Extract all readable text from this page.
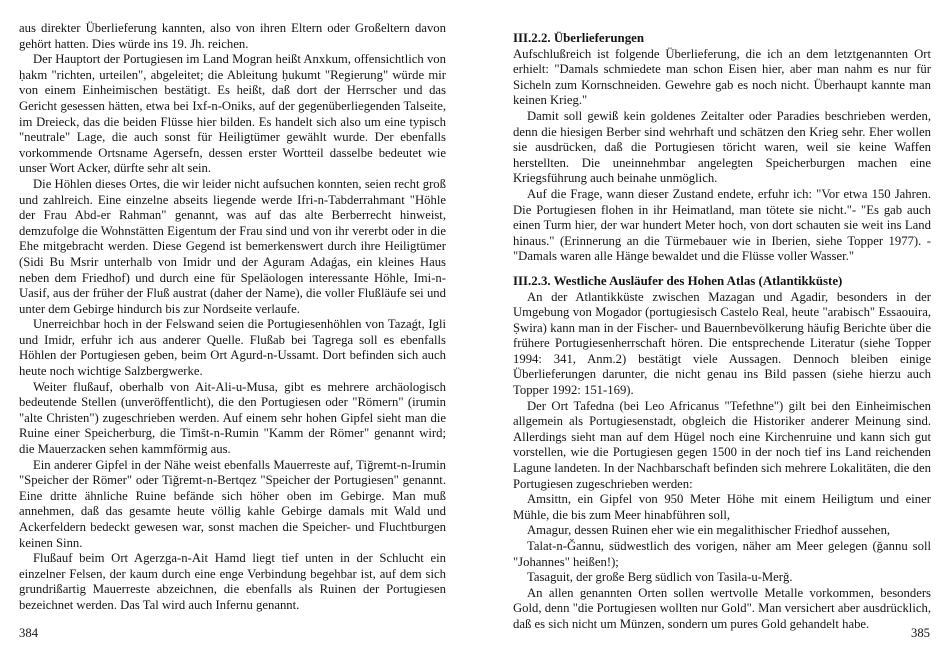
aus direkter Überlieferung kannten, also von ihren Eltern oder Großeltern davon gehört hatten. Dies würde ins 19. Jh. reichen.

Der Hauptort der Portugiesen im Land Mogran heißt Anxkum, offensichtlich von ḥakm "richten, urteilen", abgeleitet; die Ableitung ḥukumt "Regierung" würde mir von einem Einheimischen bestätigt. Es heißt, daß dort der Herrscher und das Gericht gesessen hätten, etwa bei Ixf-n-Oniks, auf der gegenüberliegenden Talseite, im Dreieck, das die beiden Flüsse hier bilden. Es handelt sich also um eine typisch "neutrale" Lage, die auch sonst für Heiligtümer gewählt wurde. Der ebenfalls vorkommende Ortsname Agersefn, dessen erster Wortteil dasselbe bedeutet wie unser Wort Acker, dürfte sehr alt sein.

Die Höhlen dieses Ortes, die wir leider nicht aufsuchen konnten, seien recht groß und zahlreich. Eine einzelne abseits liegende werde Ifri-n-Tabderrahmant "Höhle der Frau Abd-er Rahman" genannt, was auf das alte Berberrecht hinweist, demzufolge die Wohnstätten Eigentum der Frau sind und von ihr vererbt oder in die Ehe mitgebracht werden. Diese Gegend ist bemerkenswert durch ihre Heiligtümer (Sidi Bu Msrir unterhalb von Imidr und der Aguram Adaǵas, ein kleines Haus neben dem Friedhof) und durch eine für Speläologen interessante Höhle, Imi-n-Uasif, aus der früher der Fluß austrat (daher der Name), die voller Flußläufe sei und unter dem Gebirge hindurch bis zur Nordseite verlaufe.

Unerreichbar hoch in der Felswand seien die Portugiesenhöhlen von Tazaǵt, Igli und Imidr, erfuhr ich aus anderer Quelle. Flußab bei Tagrega soll es ebenfalls Höhlen der Portugiesen geben, beim Ort Agurd-n-Ussamt. Dort befinden sich auch heute noch wichtige Salzbergwerke.

Weiter flußauf, oberhalb von Ait-Ali-u-Musa, gibt es mehrere archäologisch bedeutende Stellen (unveröffentlicht), die den Portugiesen oder "Römern" (irumin "alte Christen") zugeschrieben werden. Auf einem sehr hohen Gipfel sieht man die Ruine einer Speicherburg, die Timšt-n-Rumin "Kamm der Römer" genannt wird; die Mauerzacken sehen kammförmig aus.

Ein anderer Gipfel in der Nähe weist ebenfalls Mauerreste auf, Tiǧremt-n-Irumin "Speicher der Römer" oder Tiǧremt-n-Bertqez "Speicher der Portugiesen" genannt. Eine dritte ähnliche Ruine befände sich höher oben im Gebirge. Man muß annehmen, daß das gesamte heute völlig kahle Gebirge damals mit Wald und Ackerfeldern bedeckt gewesen war, sonst machen die Speicher- und Fluchtburgen keinen Sinn.

Flußauf beim Ort Agerzga-n-Ait Hamd liegt tief unten in der Schlucht ein einzelner Felsen, der kaum durch eine enge Verbindung begehbar ist, auf dem sich grundrißartig Mauerreste abzeichnen, die ebenfalls als Ruinen der Portugiesen bezeichnet werden. Das Tal wird auch Infernu genannt.

384
III.2.2. Überlieferungen

Aufschlußreich ist folgende Überlieferung, die ich an dem letztgenannten Ort erhielt: "Damals schmiedete man schon Eisen hier, aber man nahm es nur für Sicheln zum Kornschneiden. Gewehre gab es noch nicht. Überhaupt kannte man keinen Krieg."

Damit soll gewiß kein goldenes Zeitalter oder Paradies beschrieben werden, denn die hiesigen Berber sind wehrhaft und schätzen den Krieg sehr. Eher wollen sie ausdrücken, daß die Portugiesen töricht waren, weil sie keine Waffen herstellten. Die uneinnehmbar angelegten Speicherburgen machen eine Kriegsführung auch beinahe unmöglich.

Auf die Frage, wann dieser Zustand endete, erfuhr ich: "Vor etwa 150 Jahren. Die Portugiesen flohen in ihr Heimatland, man tötete sie nicht."- "Es gab auch einen Turm hier, der war hundert Meter hoch, von dort schauten sie weit ins Land hinaus." (Erinnerung an die Türmebauer wie in Iberien, siehe Topper 1977). - "Damals waren alle Hänge bewaldet und die Flüsse voller Wasser."

III.2.3. Westliche Ausläufer des Hohen Atlas (Atlantikküste)

An der Atlantikküste zwischen Mazagan und Agadir, besonders in der Umgebung von Mogador (portugiesisch Castelo Real, heute "arabisch" Essaouira, Ṣwira) kann man in der Fischer- und Bauernbevölkerung häufig Berichte über die frühere Portugiesenherrschaft hören. Die entsprechende Literatur (siehe Topper 1994: 341, Anm.2) bestätigt viele Aussagen. Dennoch bleiben einige Überlieferungen darunter, die nicht genau ins Bild passen (siehe hierzu auch Topper 1992: 151-169).

Der Ort Tafedna (bei Leo Africanus "Tefethne") gilt bei den Einheimischen allgemein als Portugiesenstadt, obgleich die Historiker anderer Meinung sind. Allerdings sieht man auf dem Hügel noch eine Kirchenruine und kann sich gut vorstellen, wie die Portugiesen gegen 1500 in der noch tief ins Land reichenden Lagune landeten. In der Nachbarschaft befinden sich mehrere Lokalitäten, die den Portugiesen zugeschrieben werden:

Amsittn, ein Gipfel von 950 Meter Höhe mit einem Heiligtum und einer Mühle, die bis zum Meer hinabführen soll,

Amagur, dessen Ruinen eher wie ein megalithischer Friedhof aussehen,

Talat-n-Ǧannu, südwestlich des vorigen, näher am Meer gelegen (ǧannu soll "Johannes" heißen!);

Tasaguit, der große Berg südlich von Tasila-u-Merǧ.

An allen genannten Orten sollen wertvolle Metalle vorkommen, besonders Gold, denn "die Portugiesen wollten nur Gold". Man versichert aber ausdrücklich, daß es sich nicht um Münzen, sondern um pures Gold gehandelt habe.

385
